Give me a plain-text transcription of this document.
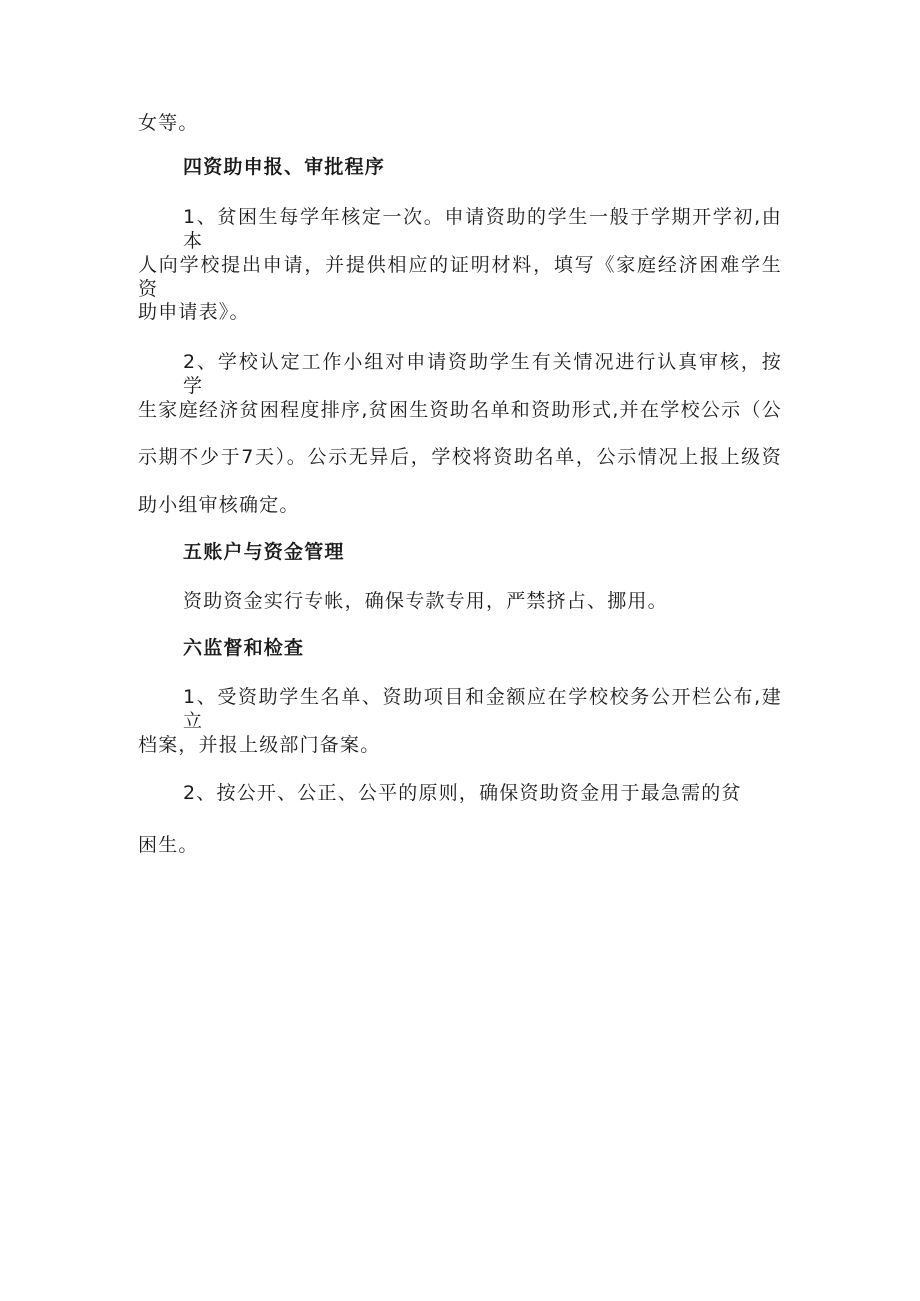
女等。
四资助申报、审批程序
1、贫困生每学年核定一次。申请资助的学生一般于学期开学初,由本
人向学校提出申请，并提供相应的证明材料，填写《家庭经济困难学生资
助申请表》。
2、学校认定工作小组对申请资助学生有关情况进行认真审核，按学
生家庭经济贫困程度排序,贫困生资助名单和资助形式,并在学校公示（公
示期不少于7天）。公示无异后，学校将资助名单，公示情况上报上级资
助小组审核确定。
五账户与资金管理
资助资金实行专帐，确保专款专用，严禁挤占、挪用。
六监督和检查
1、受资助学生名单、资助项目和金额应在学校校务公开栏公布,建立
档案，并报上级部门备案。
2、按公开、公正、公平的原则，确保资助资金用于最急需的贫
困生。
